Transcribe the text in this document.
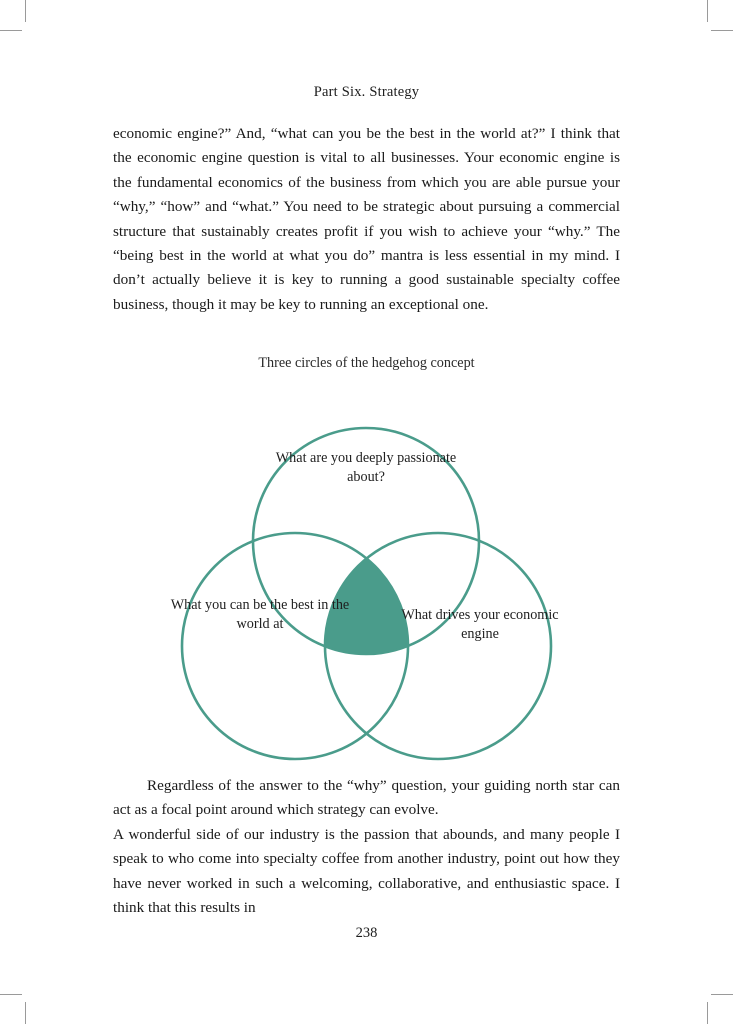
Part Six. Strategy

economic engine?” And, “what can you be the best in the world at?” I think that the economic engine question is vital to all businesses. Your economic engine is the fundamental economics of the business from which you are able pursue your “why,” “how” and “what.” You need to be strategic about pursuing a commercial structure that sustainably creates profit if you wish to achieve your “why.” The “being best in the world at what you do” mantra is less essential in my mind. I don’t actually believe it is key to running a good sustainable specialty coffee business, though it may be key to running an exceptional one.

Three circles of the hedgehog concept
What are you deeply passionate about?
What you can be the best in the world at
What drives your economic engine

Regardless of the answer to the “why” question, your guiding north star can act as a focal point around which strategy can evolve.

A wonderful side of our industry is the passion that abounds, and many people I speak to who come into specialty coffee from another industry, point out how they have never worked in such a welcoming, collaborative, and enthusiastic space. I think that this results in

238
